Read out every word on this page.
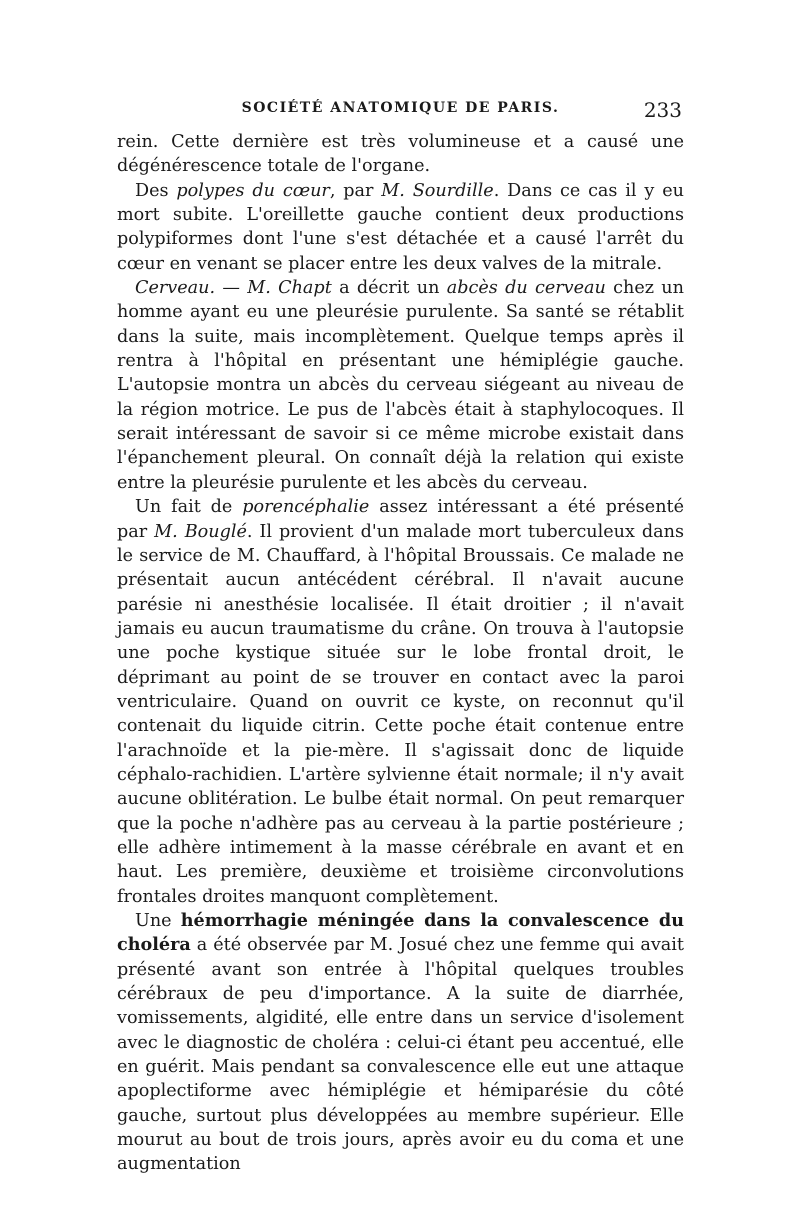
SOCIÉTÉ ANATOMIQUE DE PARIS.	233

rein. Cette dernière est très volumineuse et a causé une dégénérescence totale de l'organe.

Des polypes du cœur, par M. Sourdille. Dans ce cas il y eu mort subite. L'oreillette gauche contient deux productions polypiformes dont l'une s'est détachée et a causé l'arrêt du cœur en venant se placer entre les deux valves de la mitrale.

Cerveau. — M. Chapt a décrit un abcès du cerveau chez un homme ayant eu une pleurésie purulente. Sa santé se rétablit dans la suite, mais incomplètement. Quelque temps après il rentra à l'hôpital en présentant une hémiplégie gauche. L'autopsie montra un abcès du cerveau siégeant au niveau de la région motrice. Le pus de l'abcès était à staphylocoques. Il serait intéressant de savoir si ce même microbe existait dans l'épanchement pleural. On connaît déjà la relation qui existe entre la pleurésie purulente et les abcès du cerveau.

Un fait de porencéphalie assez intéressant a été présenté par M. Bouglé. Il provient d'un malade mort tuberculeux dans le service de M. Chauffard, à l'hôpital Broussais. Ce malade ne présentait aucun antécédent cérébral. Il n'avait aucune parésie ni anesthésie localisée. Il était droitier ; il n'avait jamais eu aucun traumatisme du crâne. On trouva à l'autopsie une poche kystique située sur le lobe frontal droit, le déprimant au point de se trouver en contact avec la paroi ventriculaire. Quand on ouvrit ce kyste, on reconnut qu'il contenait du liquide citrin. Cette poche était contenue entre l'arachnoïde et la pie-mère. Il s'agissait donc de liquide céphalo-rachidien. L'artère sylvienne était normale; il n'y avait aucune oblitération. Le bulbe était normal. On peut remarquer que la poche n'adhère pas au cerveau à la partie postérieure ; elle adhère intimement à la masse cérébrale en avant et en haut. Les première, deuxième et troisième circonvolutions frontales droites manquont complètement.

Une hémorrhagie méningée dans la convalescence du choléra a été observée par M. Josué chez une femme qui avait présenté avant son entrée à l'hôpital quelques troubles cérébraux de peu d'importance. A la suite de diarrhée, vomissements, algidité, elle entre dans un service d'isolement avec le diagnostic de choléra : celui-ci étant peu accentué, elle en guérit. Mais pendant sa convalescence elle eut une attaque apoplectiforme avec hémiplégie et hémiparésie du côté gauche, surtout plus développées au membre supérieur. Elle mourut au bout de trois jours, après avoir eu du coma et une augmentation
